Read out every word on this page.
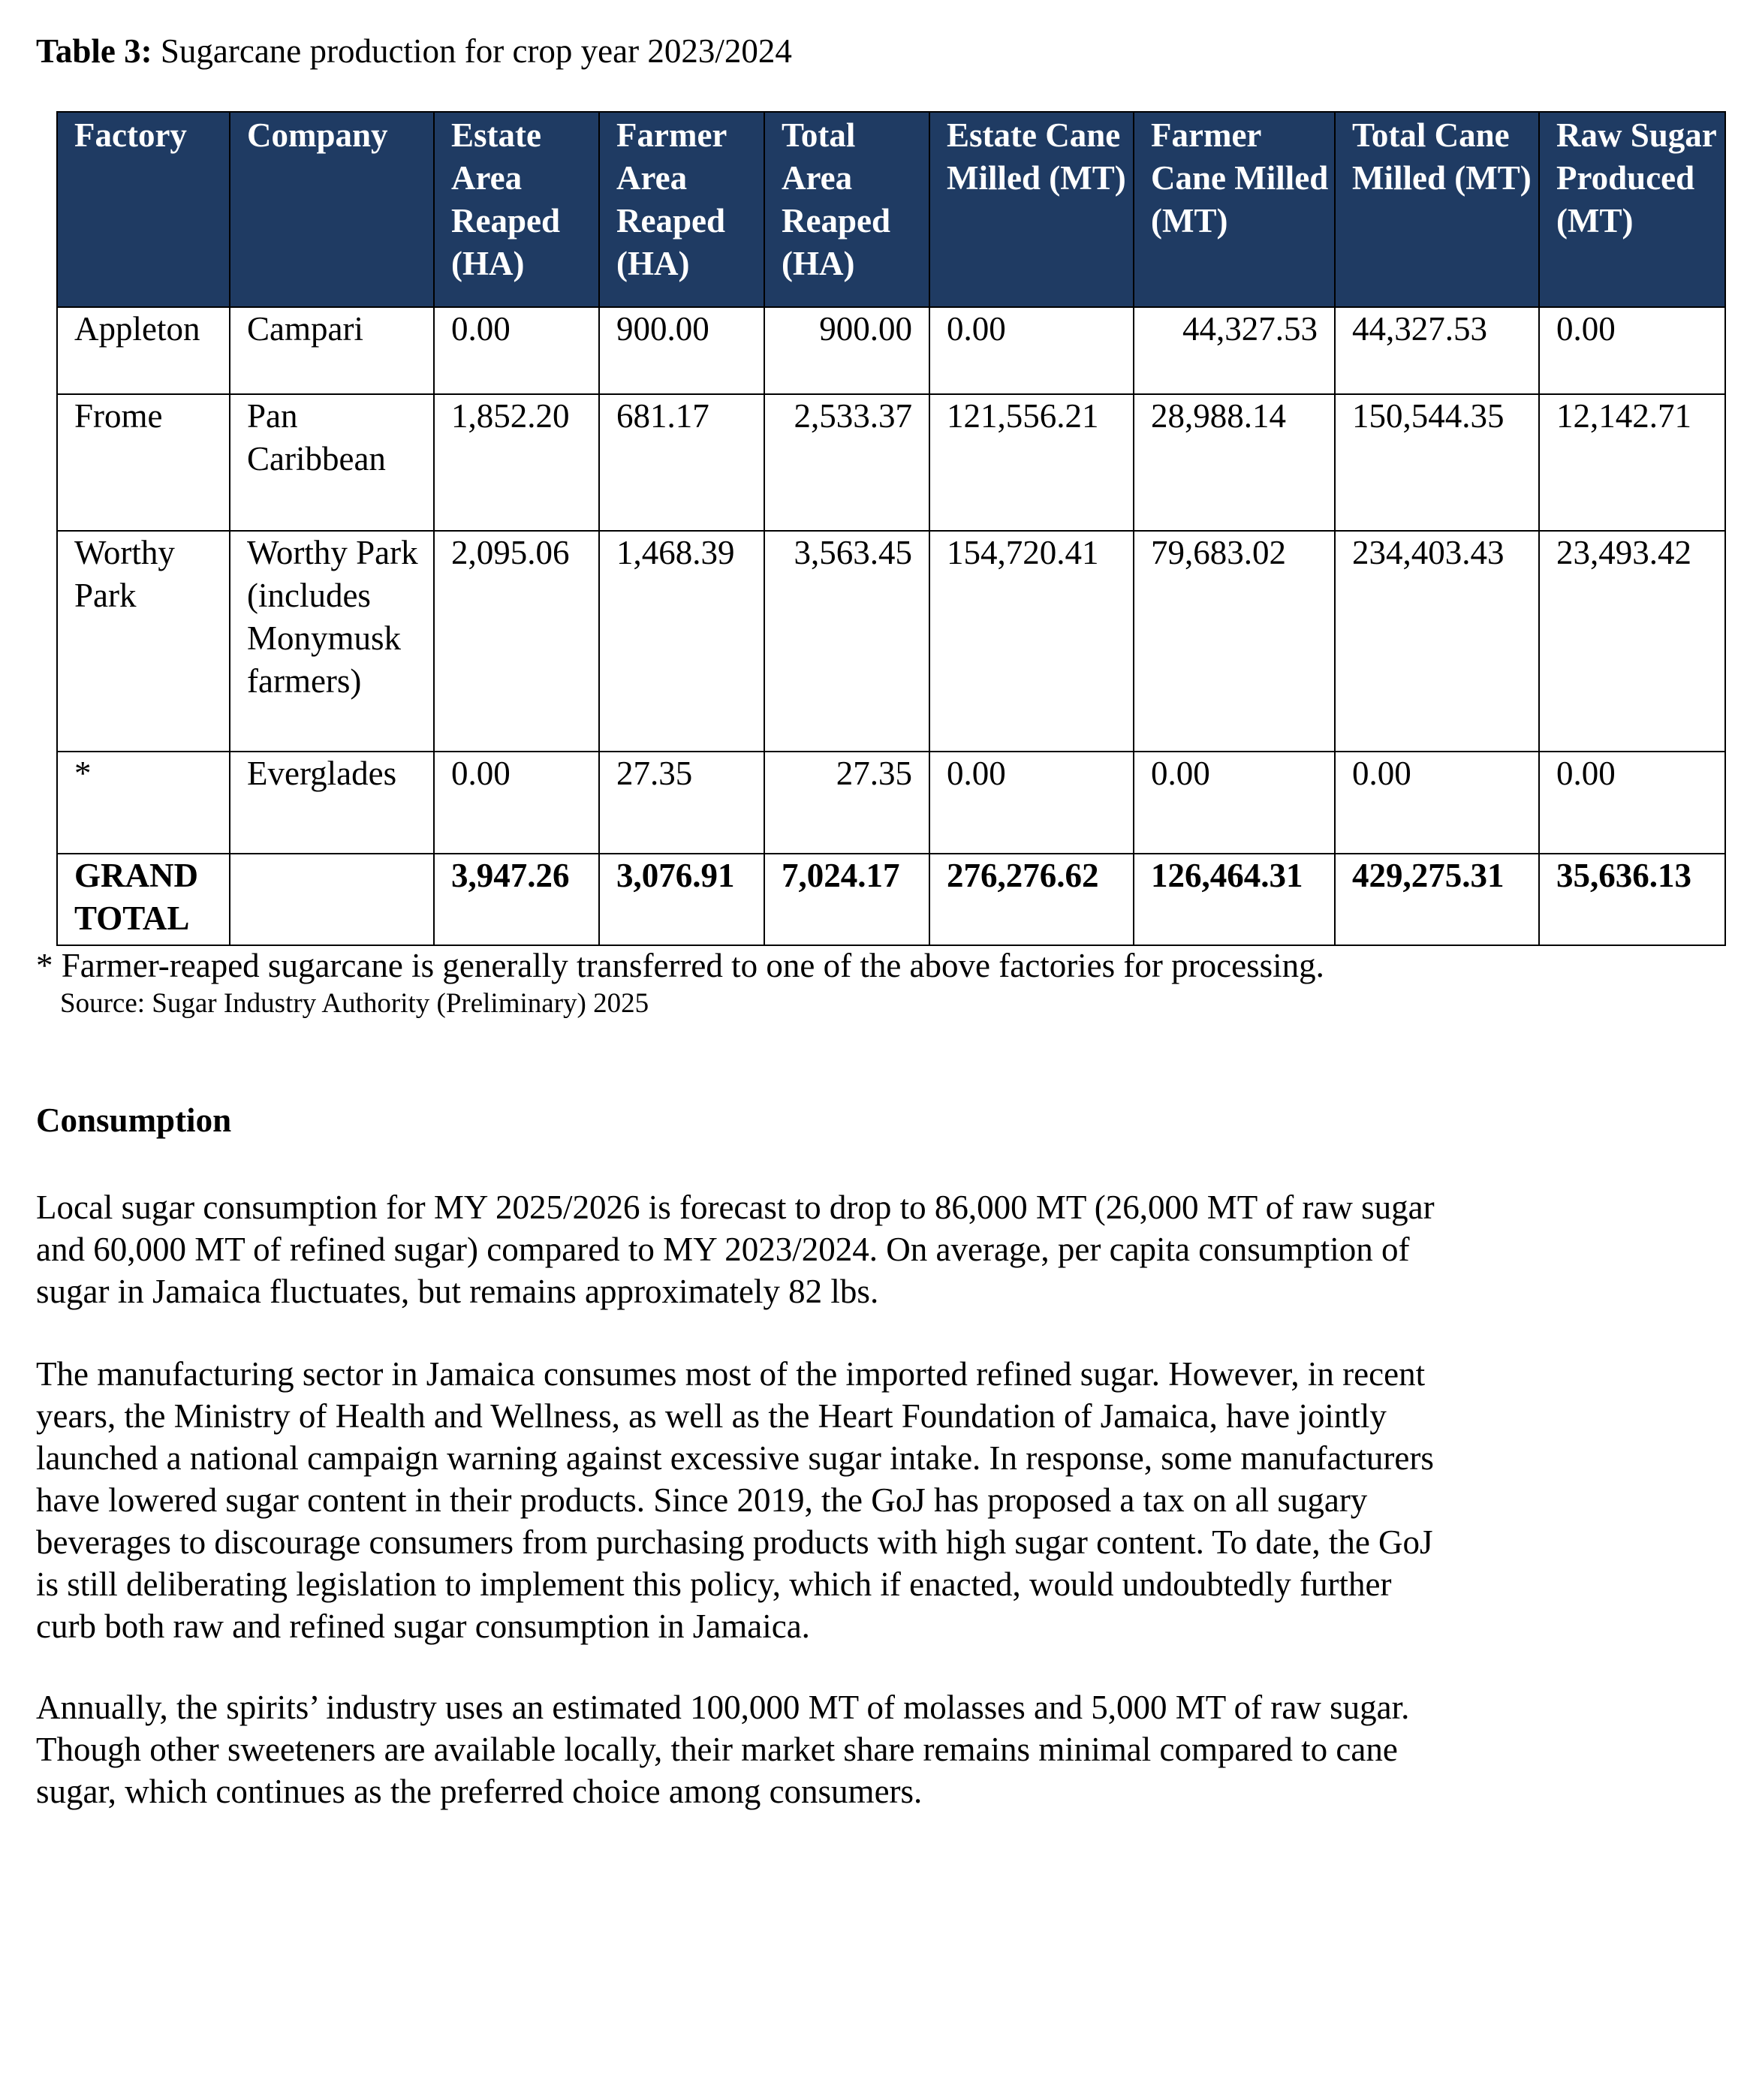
Table 3: Sugarcane production for crop year 2023/2024
Factory	Company	Estate Area Reaped (HA)	Farmer Area Reaped (HA)	Total Area Reaped (HA)	Estate Cane Milled (MT)	Farmer Cane Milled (MT)	Total Cane Milled (MT)	Raw Sugar Produced (MT)
Appleton	Campari	0.00	900.00	900.00	0.00	44,327.53	44,327.53	0.00
Frome	Pan Caribbean	1,852.20	681.17	2,533.37	121,556.21	28,988.14	150,544.35	12,142.71
Worthy Park	Worthy Park (includes Monymusk farmers)	2,095.06	1,468.39	3,563.45	154,720.41	79,683.02	234,403.43	23,493.42
*	Everglades	0.00	27.35	27.35	0.00	0.00	0.00	0.00
GRAND TOTAL		3,947.26	3,076.91	7,024.17	276,276.62	126,464.31	429,275.31	35,636.13
* Farmer-reaped sugarcane is generally transferred to one of the above factories for processing.
Source: Sugar Industry Authority (Preliminary) 2025
Consumption

Local sugar consumption for MY 2025/2026 is forecast to drop to 86,000 MT (26,000 MT of raw sugar
and 60,000 MT of refined sugar) compared to MY 2023/2024. On average, per capita consumption of
sugar in Jamaica fluctuates, but remains approximately 82 lbs.

The manufacturing sector in Jamaica consumes most of the imported refined sugar. However, in recent
years, the Ministry of Health and Wellness, as well as the Heart Foundation of Jamaica, have jointly
launched a national campaign warning against excessive sugar intake. In response, some manufacturers
have lowered sugar content in their products. Since 2019, the GoJ has proposed a tax on all sugary
beverages to discourage consumers from purchasing products with high sugar content. To date, the GoJ
is still deliberating legislation to implement this policy, which if enacted, would undoubtedly further
curb both raw and refined sugar consumption in Jamaica.

Annually, the spirits’ industry uses an estimated 100,000 MT of molasses and 5,000 MT of raw sugar.
Though other sweeteners are available locally, their market share remains minimal compared to cane
sugar, which continues as the preferred choice among consumers.
